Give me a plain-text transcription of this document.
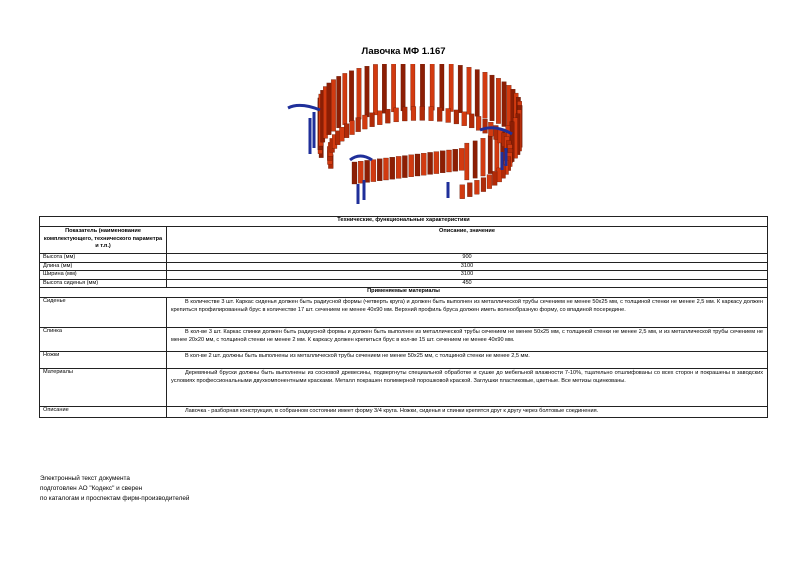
Лавочка МФ 1.167
Технические, функциональные характеристики	
Показатель (наименование комплектующего, технического параметра и т.п.)	Описание, значение
Высота (мм)	900
Длина (мм)	3100
Ширина (мм)	3100
Высота сиденья (мм)	450
Применяемые материалы	
Сиденье	В количестве 3 шт. Каркас сиденья должен быть радиусной формы (четверть круга) и должен быть выполнен из металлической трубы сечением не менее 50х25 мм, с толщиной стенки не менее 2,5 мм. К каркасу должен крепиться профилированный брус в количестве 17 шт. сечением не менее 40х90 мм. Верхний профиль бруса должен иметь волнообразную форму, со впадиной посередине.
Спинка	В кол-ве 3 шт. Каркас спинки должен быть радиусной формы и должен быть выполнен из металлической трубы сечением не менее 50х25 мм, с толщиной стенки не менее 2,5 мм, и из металлической трубы сечением не менее 20х20 мм, с толщиной стенки не менее 2 мм. К каркасу должен крепиться брус в кол-ве 15 шт. сечением не менее 40х90 мм.
Ножки	В кол-ве 2 шт. должны быть выполнены из металлической трубы сечением не менее 50х25 мм, с толщиной стенки не менее 2,5 мм.
Материалы	Деревянный бруски должны быть выполнены из сосновой древесины, подвергнуты специальной обработке и сушке до мебельной влажности 7-10%, тщательно отшлифованы со всех сторон и покрашены в заводских условиях профессиональными двухкомпонентными красками. Металл покрашен полимерной порошковой краской. Заглушки пластиковые, цветные. Все метизы оцинкованы.
Описание	Лавочка - разборная конструкция, в собранном состоянии имеет форму 3/4 круга. Ножки, сиденья и спинки крепятся друг к другу через болтовые соединения.
Электронный текст документа
подготовлен АО "Кодекс" и сверен
по каталогам и проспектам фирм-производителей
